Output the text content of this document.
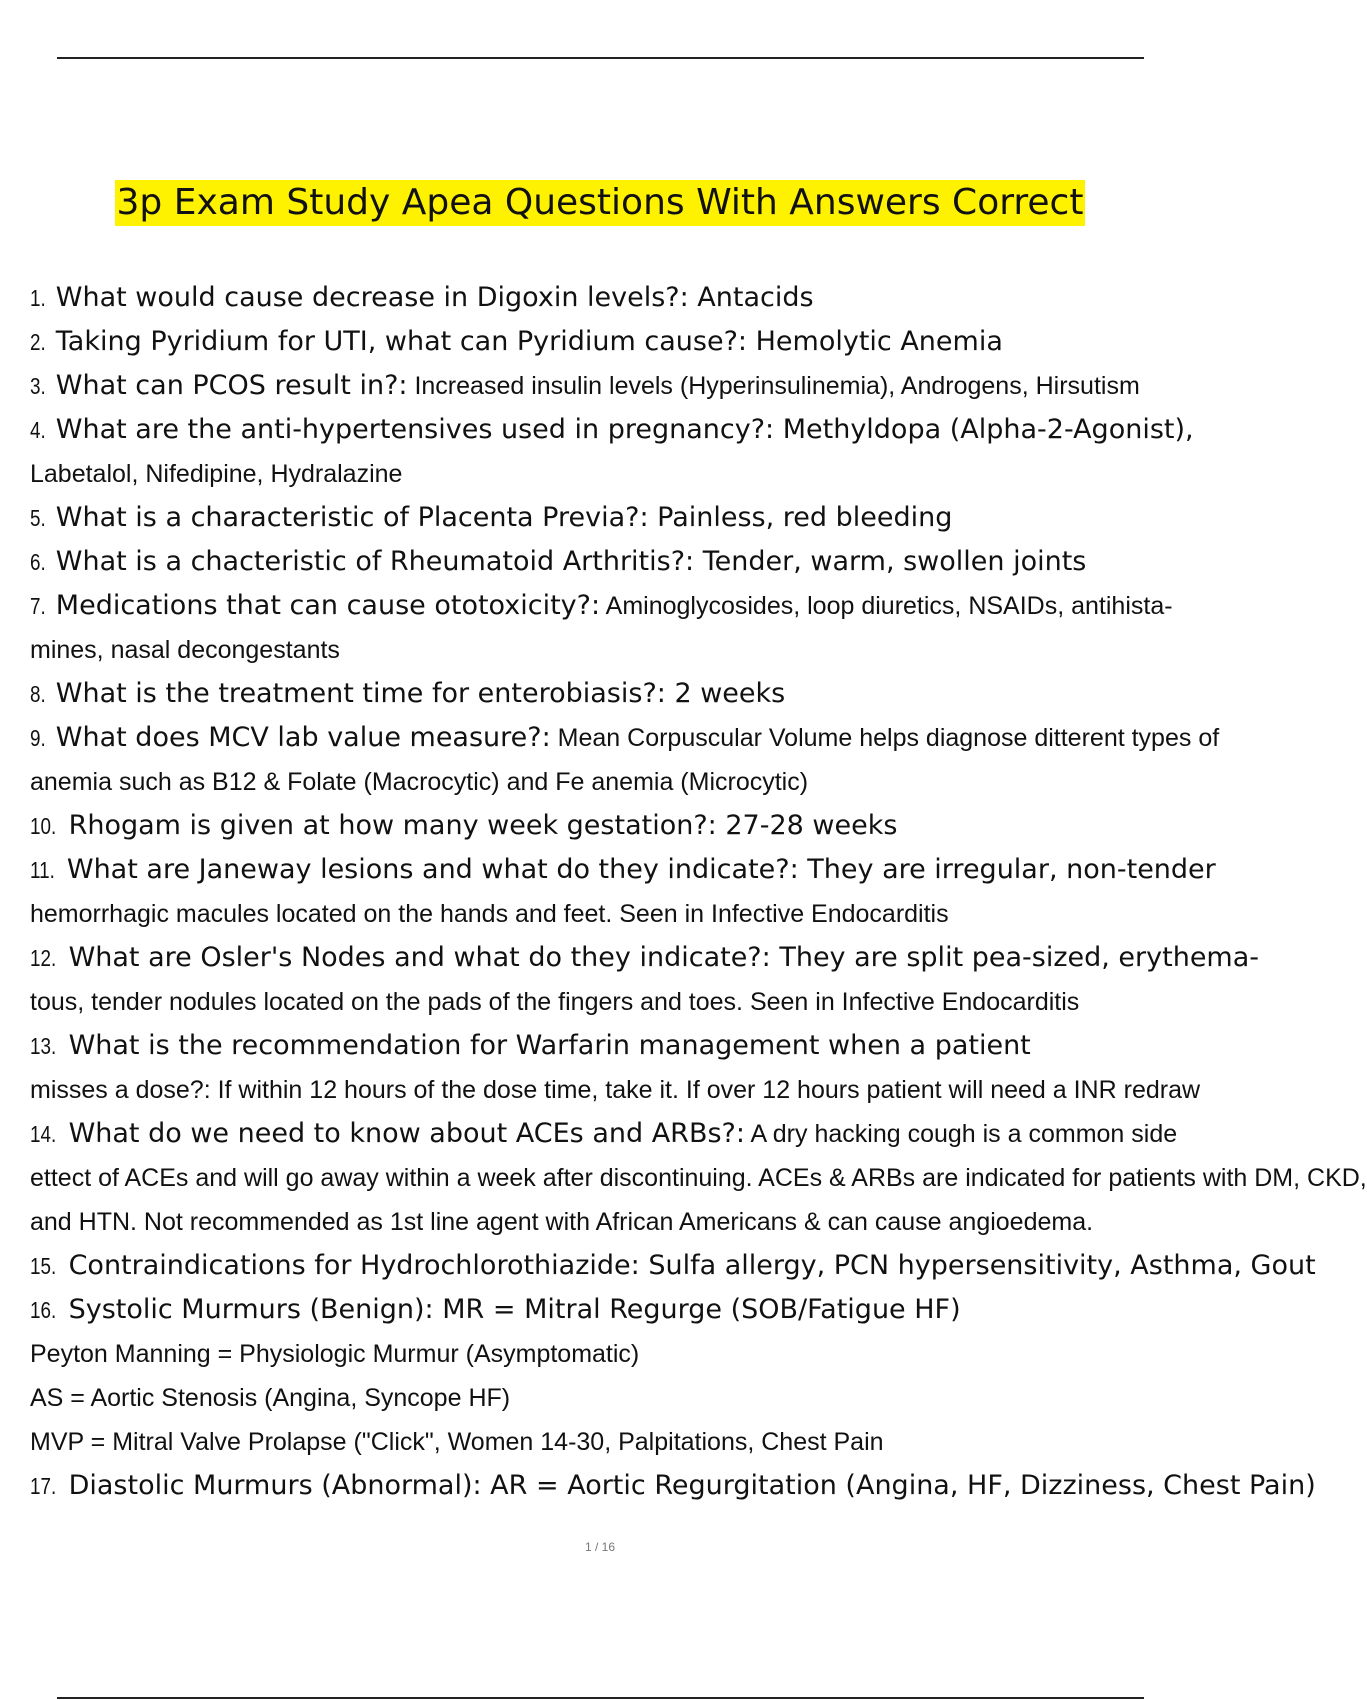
3p Exam Study Apea Questions With Answers Correct
1. What would cause decrease in Digoxin levels?: Antacids
2. Taking Pyridium for UTI, what can Pyridium cause?: Hemolytic Anemia
3. What can PCOS result in?: Increased insulin levels (Hyperinsulinemia), Androgens, Hirsutism
4. What are the anti-hypertensives used in pregnancy?: Methyldopa (Alpha-2-Agonist),
Labetalol, Nifedipine, Hydralazine
5. What is a characteristic of Placenta Previa?: Painless, red bleeding
6. What is a chacteristic of Rheumatoid Arthritis?: Tender, warm, swollen joints
7. Medications that can cause ototoxicity?: Aminoglycosides, loop diuretics, NSAIDs, antihista-
mines, nasal decongestants
8. What is the treatment time for enterobiasis?: 2 weeks
9. What does MCV lab value measure?: Mean Corpuscular Volume helps diagnose ditterent types of
anemia such as B12 & Folate (Macrocytic) and Fe anemia (Microcytic)
10. Rhogam is given at how many week gestation?: 27-28 weeks
11. What are Janeway lesions and what do they indicate?: They are irregular, non-tender
hemorrhagic macules located on the hands and feet. Seen in Infective Endocarditis
12. What are Osler's Nodes and what do they indicate?: They are split pea-sized, erythema-
tous, tender nodules located on the pads of the fingers and toes. Seen in Infective Endocarditis
13. What is the recommendation for Warfarin management when a patient
misses a dose?: If within 12 hours of the dose time, take it. If over 12 hours patient will need a INR redraw
14. What do we need to know about ACEs and ARBs?: A dry hacking cough is a common side
ettect of ACEs and will go away within a week after discontinuing. ACEs & ARBs are indicated for patients with DM, CKD,
and HTN. Not recommended as 1st line agent with African Americans & can cause angioedema.
15. Contraindications for Hydrochlorothiazide: Sulfa allergy, PCN hypersensitivity, Asthma, Gout
16. Systolic Murmurs (Benign): MR = Mitral Regurge (SOB/Fatigue HF)
Peyton Manning = Physiologic Murmur (Asymptomatic)
AS = Aortic Stenosis (Angina, Syncope HF)
MVP = Mitral Valve Prolapse ("Click", Women 14-30, Palpitations, Chest Pain
17. Diastolic Murmurs (Abnormal): AR = Aortic Regurgitation (Angina, HF, Dizziness, Chest Pain)
1 / 16
